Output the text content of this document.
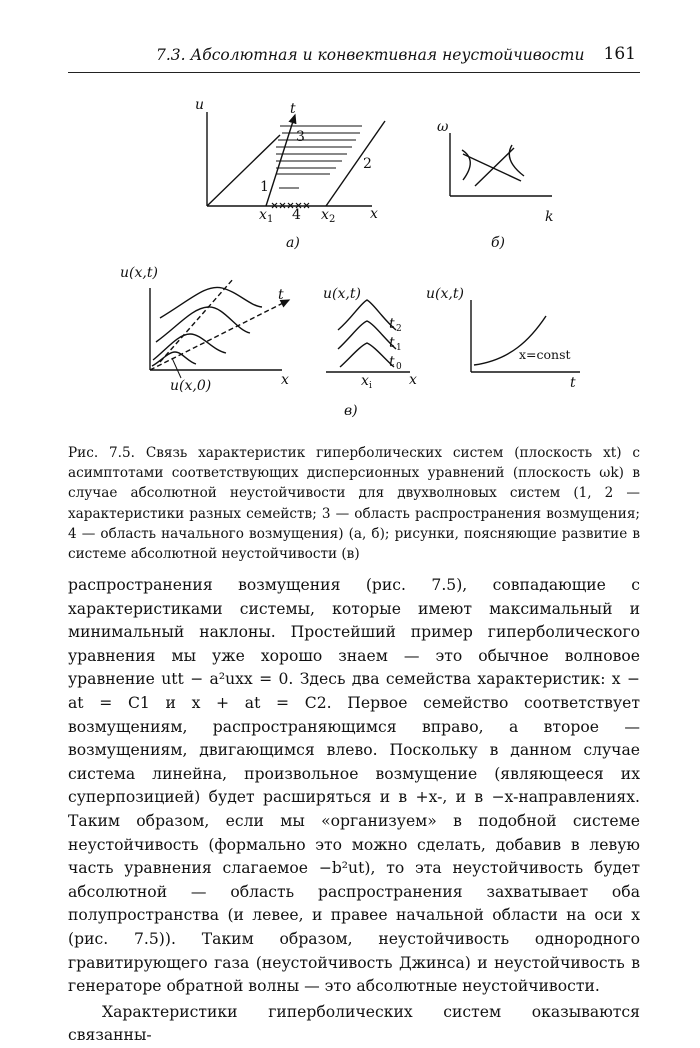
7.3. Абсолютная и конвективная неустойчивости 161
u	t
x
x 1	x 2
1
2
3
4
а)
ω
k
б)
u(x,t)
t
x
u(x,0)
u(x,t)
x
x i
t 2
t 1
t 0
u(x,t)
t
x=const
в)

Рис. 7.5. Связь характеристик гиперболических систем (плоскость xt) с асимптотами соответствующих дисперсионных уравнений (плоскость ωk) в случае абсолютной неустойчивости для двухволновых систем (1, 2 — характеристики разных семейств; 3 — область распространения возмущения; 4 — область начального возмущения) (а, б); рисунки, поясняющие развитие в системе абсолютной неустойчивости (в)

распространения возмущения (рис. 7.5), совпадающие с характеристиками системы, которые имеют максимальный и минимальный наклоны. Простейший пример гиперболического уравнения мы уже хорошо знаем — это обычное волновое уравнение utt − a²uxx = 0. Здесь два семейства характеристик: x − at = C1 и x + at = C2. Первое семейство соответствует возмущениям, распространяющимся вправо, а второе — возмущениям, двигающимся влево. Поскольку в данном случае система линейна, произвольное возмущение (являющееся их суперпозицией) будет расширяться и в +x-, и в −x-направлениях. Таким образом, если мы «организуем» в подобной системе неустойчивость (формально это можно сделать, добавив в левую часть уравнения слагаемое −b²ut), то эта неустойчивость будет абсолютной — область распространения захватывает оба полупространства (и левее, и правее начальной области на оси x (рис. 7.5)). Таким образом, неустойчивость однородного гравитирующего газа (неустойчивость Джинса) и неустойчивость в генераторе обратной волны — это абсолютные неустойчивости.

Характеристики гиперболических систем оказываются связанны-
